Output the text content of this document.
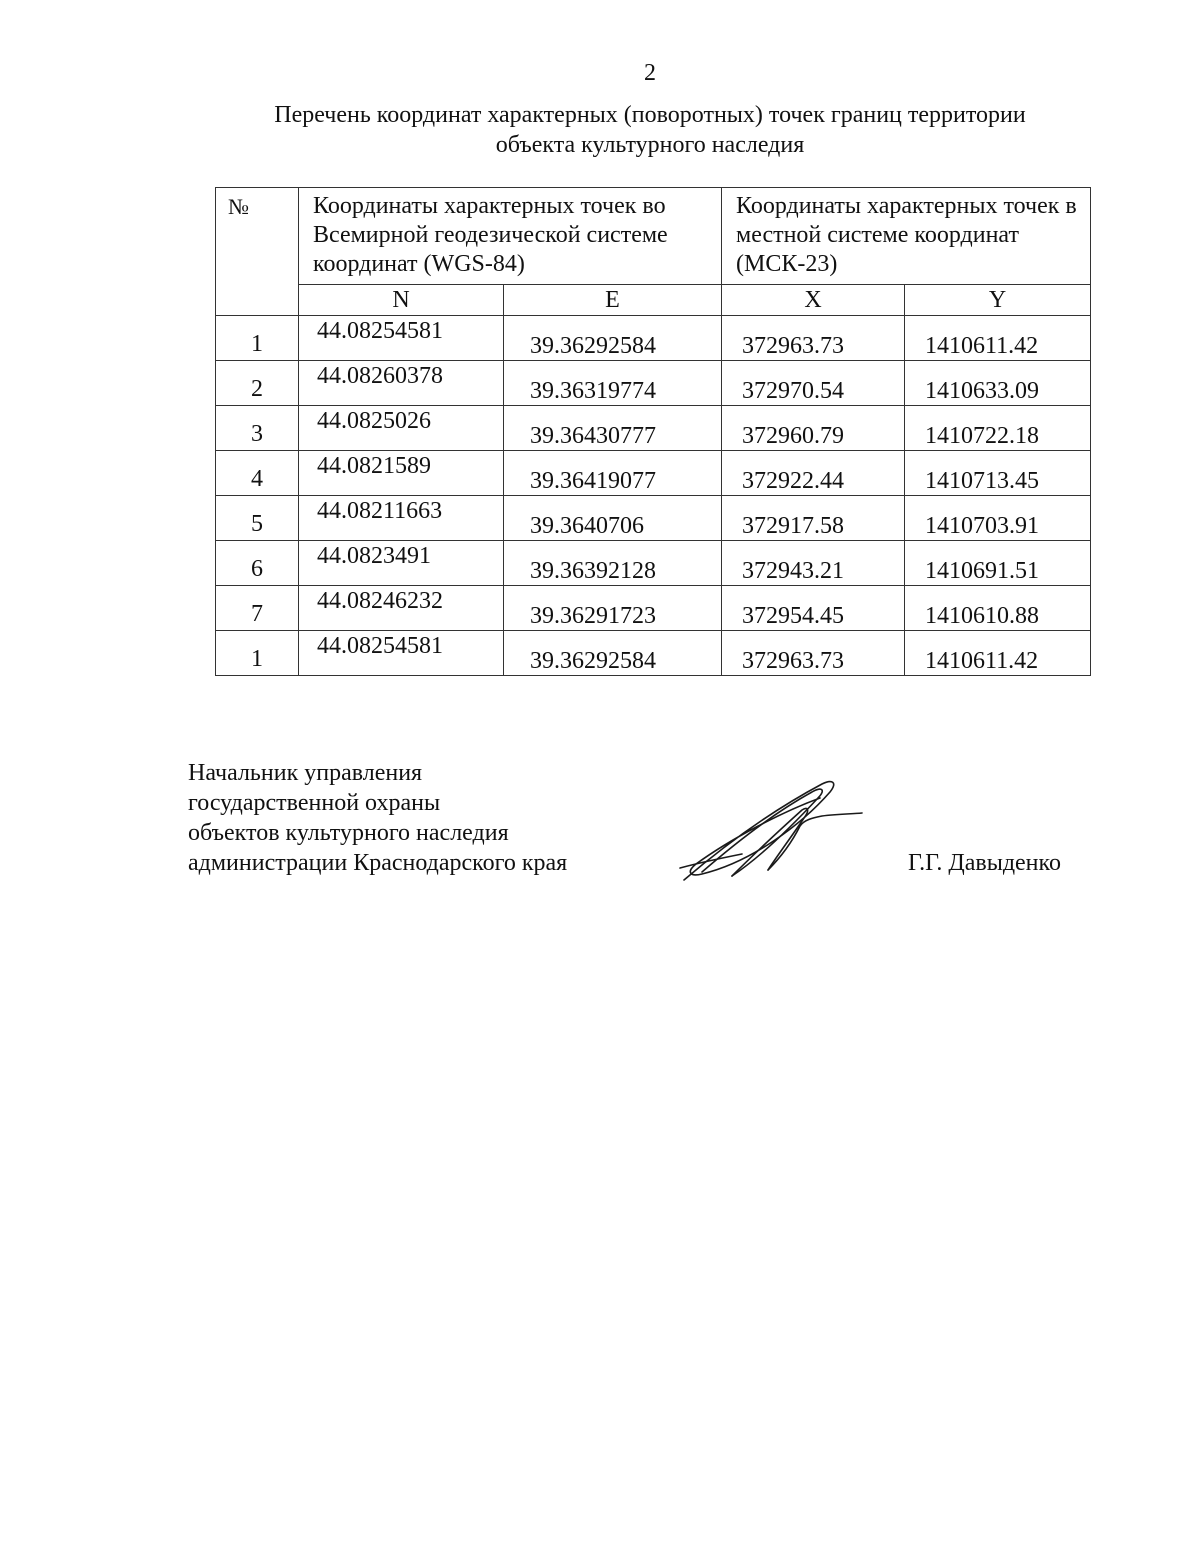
2
Перечень координат характерных (поворотных) точек границ территории
объекта культурного наследия
№	Координаты характерных точек во Всемирной геодезической системе координат (WGS-84)		Координаты характерных точек в местной системе координат (МСК-23)	
	N	E	X	Y

1	44.08254581	39.36292584	372963.73	1410611.42

2	44.08260378	39.36319774	372970.54	1410633.09

3	44.0825026	39.36430777	372960.79	1410722.18

4	44.0821589	39.36419077	372922.44	1410713.45

5	44.08211663	39.3640706	372917.58	1410703.91

6	44.0823491	39.36392128	372943.21	1410691.51

7	44.08246232	39.36291723	372954.45	1410610.88

1	44.08254581	39.36292584	372963.73	1410611.42
Начальник управления
государственной охраны
объектов культурного наследия
администрации Краснодарского края	Г.Г. Давыденко
